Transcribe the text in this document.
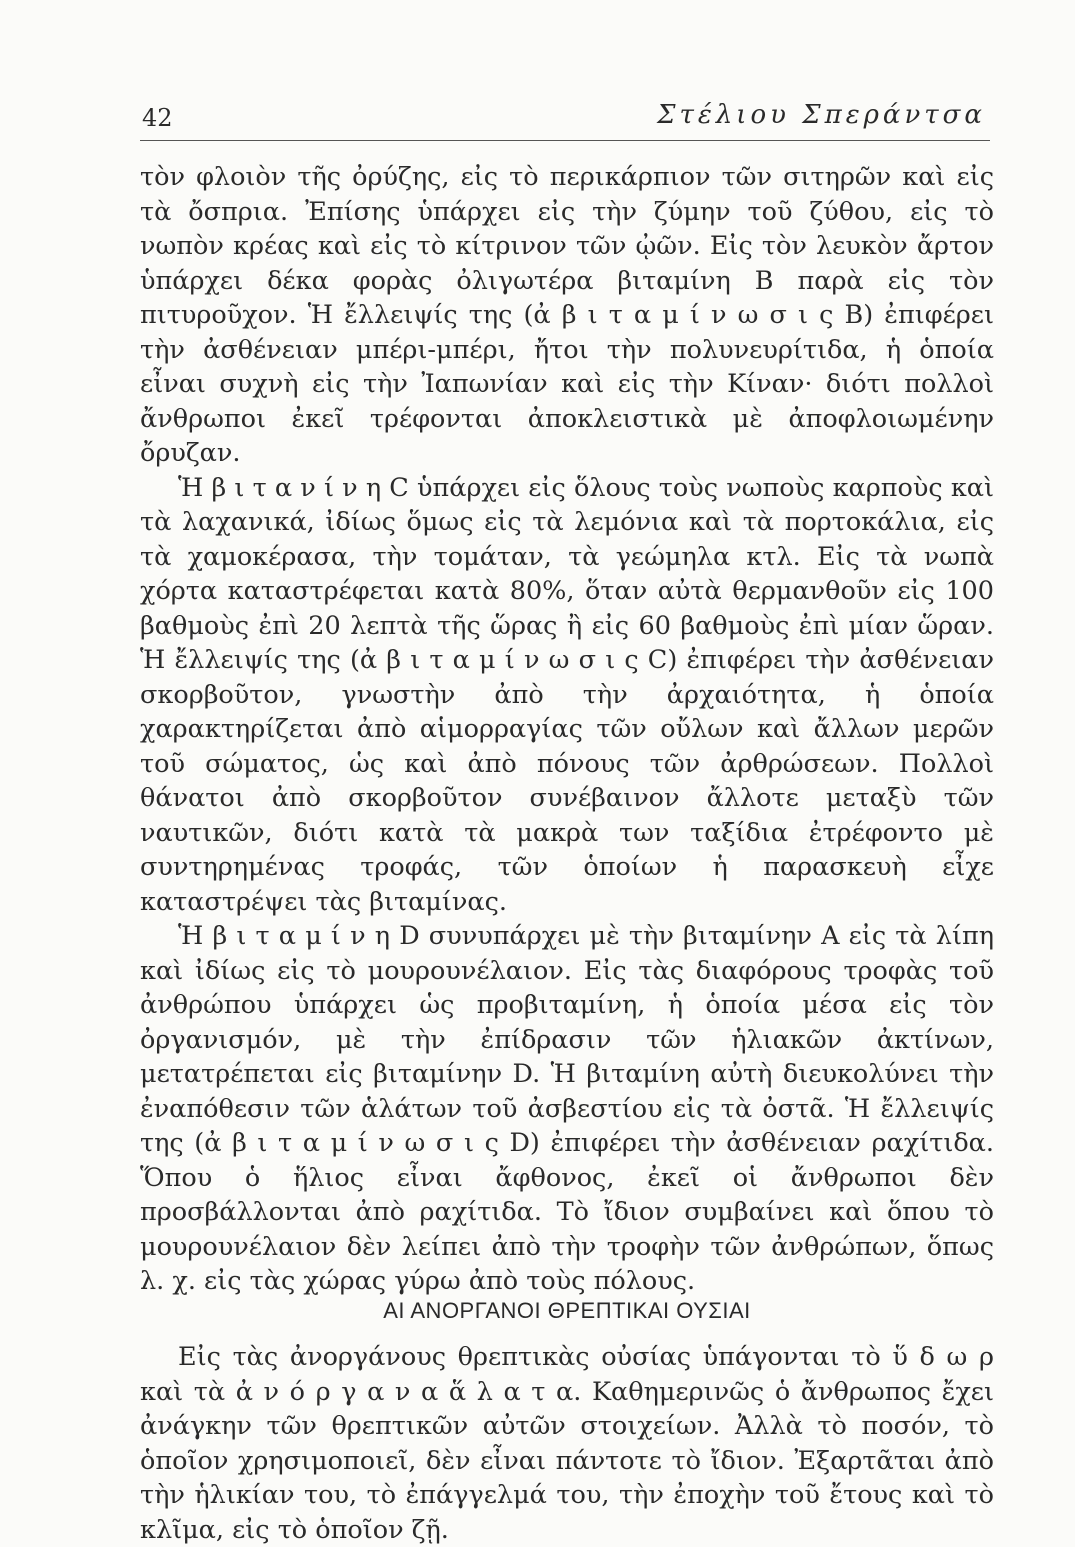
42	Στέλιου Σπεράντσα

τὸν φλοιὸν τῆς ὀρύζης, εἰς τὸ περικάρπιον τῶν σιτηρῶν καὶ εἰς τὰ ὄσπρια. Ἐπίσης ὑπάρχει εἰς τὴν ζύμην τοῦ ζύθου, εἰς τὸ νωπὸν κρέας καὶ εἰς τὸ κίτρινον τῶν ᾠῶν. Εἰς τὸν λευκὸν ἄρτον ὑπάρχει δέκα φορὰς ὀλιγωτέρα βιταμίνη Β παρὰ εἰς τὸν πιτυροῦχον. Ἡ ἔλλειψίς της (ἀ β ι τ α μ ί ν ω σ ι ς Β) ἐπιφέρει τὴν ἀσθένειαν μπέρι-μπέρι, ἤτοι τὴν πολυνευρίτιδα, ἡ ὁποία εἶναι συχνὴ εἰς τὴν Ἰαπωνίαν καὶ εἰς τὴν Κίναν· διότι πολλοὶ ἄνθρωποι ἐκεῖ τρέφονται ἀποκλειστικὰ μὲ ἀποφλοιωμένην ὄρυζαν.

Ἡ β ι τ α ν ί ν η C ὑπάρχει εἰς ὅλους τοὺς νωποὺς καρποὺς καὶ τὰ λαχανικά, ἰδίως ὅμως εἰς τὰ λεμόνια καὶ τὰ πορτοκάλια, εἰς τὰ χαμοκέρασα, τὴν τομάταν, τὰ γεώμηλα κτλ. Εἰς τὰ νωπὰ χόρτα καταστρέφεται κατὰ 80%, ὅταν αὐτὰ θερμανθοῦν εἰς 100 βαθμοὺς ἐπὶ 20 λεπτὰ τῆς ὥρας ἢ εἰς 60 βαθμοὺς ἐπὶ μίαν ὥραν. Ἡ ἔλλειψίς της (ἀ β ι τ α μ ί ν ω σ ι ς C) ἐπιφέρει τὴν ἀσθένειαν σκορβοῦτον, γνωστὴν ἀπὸ τὴν ἀρχαιότητα, ἡ ὁποία χαρακτηρίζεται ἀπὸ αἱμορραγίας τῶν οὔλων καὶ ἄλλων μερῶν τοῦ σώματος, ὡς καὶ ἀπὸ πόνους τῶν ἀρθρώσεων. Πολλοὶ θάνατοι ἀπὸ σκορβοῦτον συνέβαινον ἄλλοτε μεταξὺ τῶν ναυτικῶν, διότι κατὰ τὰ μακρὰ των ταξίδια ἐτρέφοντο μὲ συντηρημένας τροφάς, τῶν ὁποίων ἡ παρασκευὴ εἶχε καταστρέψει τὰς βιταμίνας.

Ἡ β ι τ α μ ί ν η D συνυπάρχει μὲ τὴν βιταμίνην Α εἰς τὰ λίπη καὶ ἰδίως εἰς τὸ μουρουνέλαιον. Εἰς τὰς διαφόρους τροφὰς τοῦ ἀνθρώπου ὑπάρχει ὡς προβιταμίνη, ἡ ὁποία μέσα εἰς τὸν ὀργανισμόν, μὲ τὴν ἐπίδρασιν τῶν ἡλιακῶν ἀκτίνων, μετατρέπεται εἰς βιταμίνην D. Ἡ βιταμίνη αὐτὴ διευκολύνει τὴν ἐναπόθεσιν τῶν ἁλάτων τοῦ ἀσβεστίου εἰς τὰ ὀστᾶ. Ἡ ἔλλειψίς της (ἀ β ι τ α μ ί ν ω σ ι ς D) ἐπιφέρει τὴν ἀσθένειαν ραχίτιδα. Ὅπου ὁ ἥλιος εἶναι ἄφθονος, ἐκεῖ οἱ ἄνθρωποι δὲν προσβάλλονται ἀπὸ ραχίτιδα. Τὸ ἴδιον συμβαίνει καὶ ὅπου τὸ μουρουνέλαιον δὲν λείπει ἀπὸ τὴν τροφὴν τῶν ἀνθρώπων, ὅπως λ. χ. εἰς τὰς χώρας γύρω ἀπὸ τοὺς πόλους.

ΑΙ ΑΝΟΡΓΑΝΟΙ ΘΡΕΠΤΙΚΑΙ ΟΥΣΙΑΙ

Εἰς τὰς ἀνοργάνους θρεπτικὰς οὐσίας ὑπάγονται τὸ ὕ δ ω ρ καὶ τὰ ἀ ν ό ρ γ α ν α ἅ λ α τ α. Καθημερινῶς ὁ ἄνθρωπος ἔχει ἀνάγκην τῶν θρεπτικῶν αὐτῶν στοιχείων. Ἀλλὰ τὸ ποσόν, τὸ ὁποῖον χρησιμοποιεῖ, δὲν εἶναι πάντοτε τὸ ἴδιον. Ἐξαρτᾶται ἀπὸ τὴν ἡλικίαν του, τὸ ἐπάγγελμά του, τὴν ἐποχὴν τοῦ ἔτους καὶ τὸ κλῖμα, εἰς τὸ ὁποῖον ζῇ.
